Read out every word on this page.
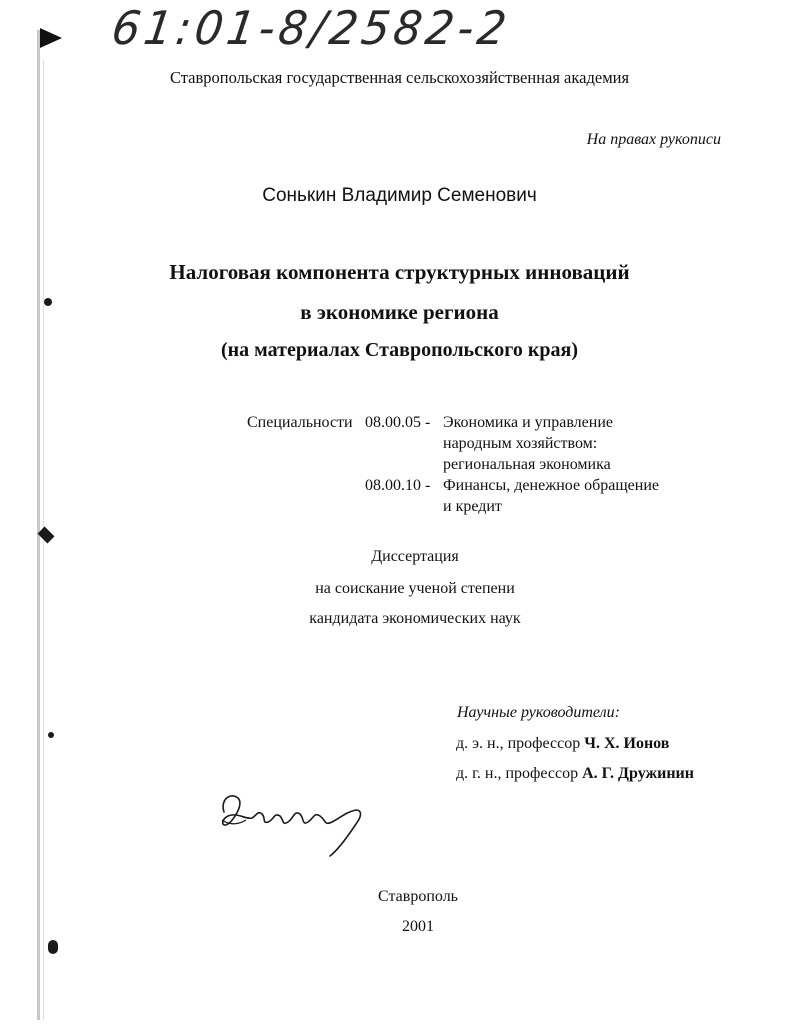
61:01-8/2582-2
Ставропольская государственная сельскохозяйственная академия
На правах рукописи
Сонькин Владимир Семенович
Налоговая компонента структурных инноваций
в экономике региона
(на материалах Ставропольского края)
Специальности 08.00.05 - Экономика и управление
народным хозяйством:
региональная экономика
08.00.10 - Финансы, денежное обращение
и кредит
Диссертация
на соискание ученой степени
кандидата экономических наук
Научные руководители:
д. э. н., профессор Ч. Х. Ионов
д. г. н., профессор А. Г. Дружинин
Ставрополь
2001
